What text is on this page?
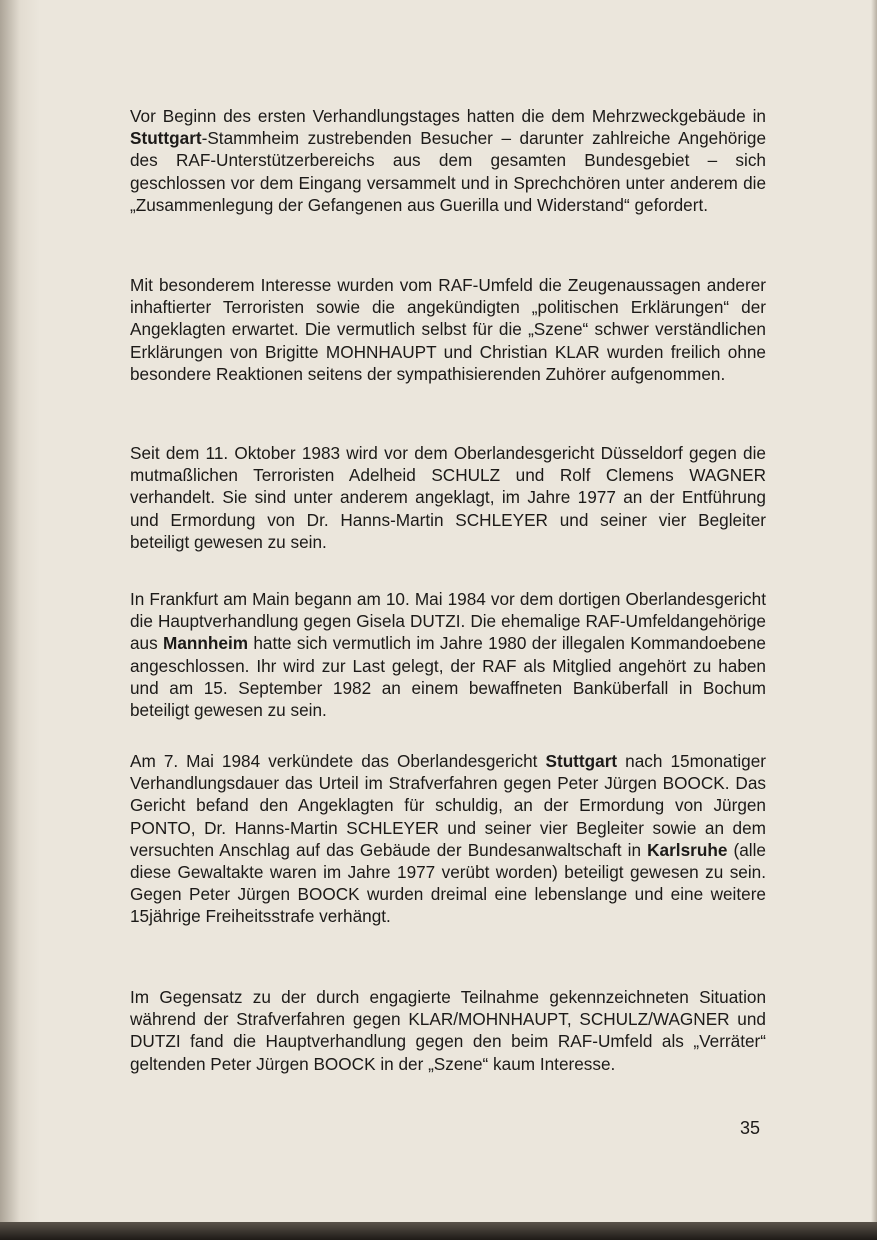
Vor Beginn des ersten Verhandlungstages hatten die dem Mehrzweckgebäude in Stuttgart-Stammheim zustrebenden Besucher – darunter zahlreiche Angehörige des RAF-Unterstützerbereichs aus dem gesamten Bundesgebiet – sich geschlossen vor dem Eingang versammelt und in Sprechchören unter anderem die „Zusammenlegung der Gefangenen aus Guerilla und Widerstand“ gefordert.

Mit besonderem Interesse wurden vom RAF-Umfeld die Zeugenaussagen anderer inhaftierter Terroristen sowie die angekündigten „politischen Erklärungen“ der Angeklagten erwartet. Die vermutlich selbst für die „Szene“ schwer verständlichen Erklärungen von Brigitte MOHNHAUPT und Christian KLAR wurden freilich ohne besondere Reaktionen seitens der sympathisierenden Zuhörer aufgenommen.

Seit dem 11. Oktober 1983 wird vor dem Oberlandesgericht Düsseldorf gegen die mutmaßlichen Terroristen Adelheid SCHULZ und Rolf Clemens WAGNER verhandelt. Sie sind unter anderem angeklagt, im Jahre 1977 an der Entführung und Ermordung von Dr. Hanns-Martin SCHLEYER und seiner vier Begleiter beteiligt gewesen zu sein.

In Frankfurt am Main begann am 10. Mai 1984 vor dem dortigen Oberlandesgericht die Hauptverhandlung gegen Gisela DUTZI. Die ehemalige RAF-Umfeldangehörige aus Mannheim hatte sich vermutlich im Jahre 1980 der illegalen Kommandoebene angeschlossen. Ihr wird zur Last gelegt, der RAF als Mitglied angehört zu haben und am 15. September 1982 an einem bewaffneten Banküberfall in Bochum beteiligt gewesen zu sein.

Am 7. Mai 1984 verkündete das Oberlandesgericht Stuttgart nach 15monatiger Verhandlungsdauer das Urteil im Strafverfahren gegen Peter Jürgen BOOCK. Das Gericht befand den Angeklagten für schuldig, an der Ermordung von Jürgen PONTO, Dr. Hanns-Martin SCHLEYER und seiner vier Begleiter sowie an dem versuchten Anschlag auf das Gebäude der Bundesanwaltschaft in Karlsruhe (alle diese Gewaltakte waren im Jahre 1977 verübt worden) beteiligt gewesen zu sein. Gegen Peter Jürgen BOOCK wurden dreimal eine lebenslange und eine weitere 15jährige Freiheitsstrafe verhängt.

Im Gegensatz zu der durch engagierte Teilnahme gekennzeichneten Situation während der Strafverfahren gegen KLAR/MOHNHAUPT, SCHULZ/WAGNER und DUTZI fand die Hauptverhandlung gegen den beim RAF-Umfeld als „Verräter“ geltenden Peter Jürgen BOOCK in der „Szene“ kaum Interesse.

35
